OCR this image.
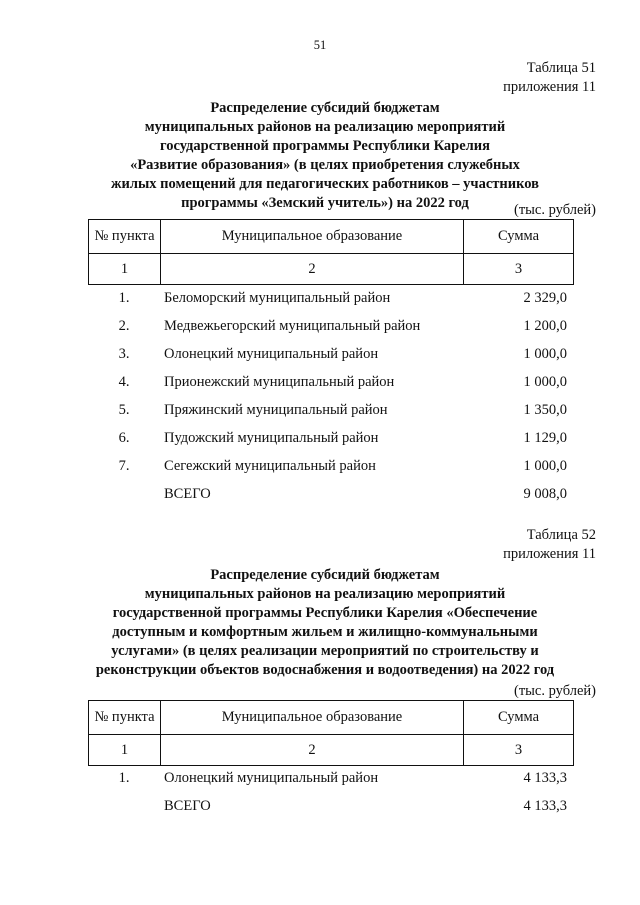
51
Таблица 51
приложения 11
Распределение субсидий бюджетам
муниципальных районов на реализацию мероприятий
государственной программы Республики Карелия
«Развитие образования» (в целях приобретения служебных
жилых помещений для педагогических работников – участников
программы «Земский учитель») на 2022 год	(тыс. рублей)
№ пункта	Муниципальное образование	Сумма
1	2	3
1.	Беломорский муниципальный район	2 329,0
2.	Медвежьегорский муниципальный район	1 200,0
3.	Олонецкий муниципальный район	1 000,0
4.	Прионежский муниципальный район	1 000,0
5.	Пряжинский муниципальный район	1 350,0
6.	Пудожский муниципальный район	1 129,0
7.	Сегежский муниципальный район	1 000,0
ВСЕГО	9 008,0
Таблица 52
приложения 11
Распределение субсидий бюджетам
муниципальных районов на реализацию мероприятий
государственной программы Республики Карелия «Обеспечение
доступным и комфортным жильем и жилищно-коммунальными
услугами» (в целях реализации мероприятий по строительству и
реконструкции объектов водоснабжения и водоотведения) на 2022 год
(тыс. рублей)
№ пункта	Муниципальное образование	Сумма
1	2	3
1.	Олонецкий муниципальный район	4 133,3
ВСЕГО	4 133,3
